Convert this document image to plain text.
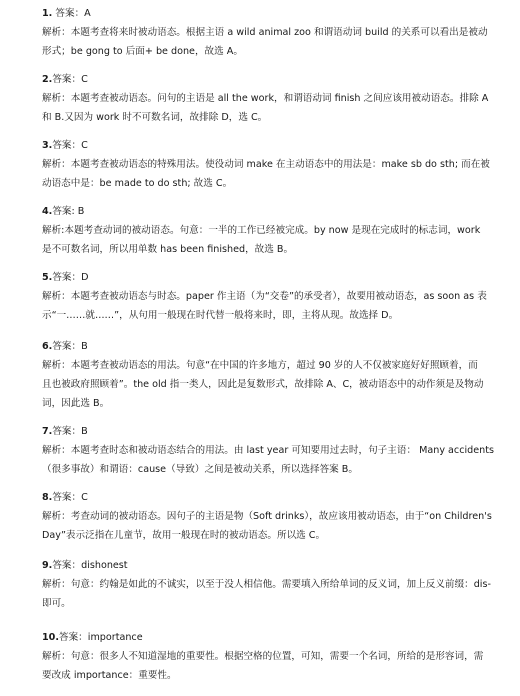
1. 答案：A
解析：本题考查将来时被动语态。根据主语 a wild animal zoo 和谓语动词 build 的关系可以看出是被动
形式；be gong to 后面+ be done，故选 A。
2.答案：C
解析：本题考查被动语态。问句的主语是 all the work，和谓语动词 finish 之间应该用被动语态。排除 A
和 B.又因为 work 时不可数名词，故排除 D，选 C。
3.答案：C
解析：本题考查被动语态的特殊用法。使役动词 make 在主动语态中的用法是：make sb do sth; 而在被
动语态中是：be made to do sth; 故选 C。
4.答案: B
解析:本题考查动词的被动语态。句意：一半的工作已经被完成。by now 是现在完成时的标志词，work
是不可数名词，所以用单数 has been finished，故选 B。
5.答案：D
解析：本题考查被动语态与时态。paper 作主语（为“交卷”的承受者），故要用被动语态，as soon as 表
示“一……就……”，从句用一般现在时代替一般将来时，即，主将从现。故选择 D。
6.答案：B
解析：本题考查被动语态的用法。句意“在中国的许多地方，超过 90 岁的人不仅被家庭好好照顾着，而
且也被政府照顾着”。the old 指一类人，因此是复数形式，故排除 A、C，被动语态中的动作须是及物动
词，因此选 B。
7.答案：B
解析：本题考查时态和被动语态结合的用法。由 last year 可知要用过去时，句子主语： Many accidents
（很多事故）和谓语：cause（导致）之间是被动关系，所以选择答案 B。
8.答案：C
解析：考查动词的被动语态。因句子的主语是物（Soft drinks），故应该用被动语态，由于“on Children's
Day”表示泛指在儿童节，故用一般现在时的被动语态。所以选 C。
9.答案：dishonest
解析：句意：约翰是如此的不诚实，以至于没人相信他。需要填入所给单词的反义词，加上反义前缀：dis-
即可。
10.答案：importance
解析：句意：很多人不知道湿地的重要性。根据空格的位置，可知，需要一个名词，所给的是形容词，需
要改成 importance：重要性。
